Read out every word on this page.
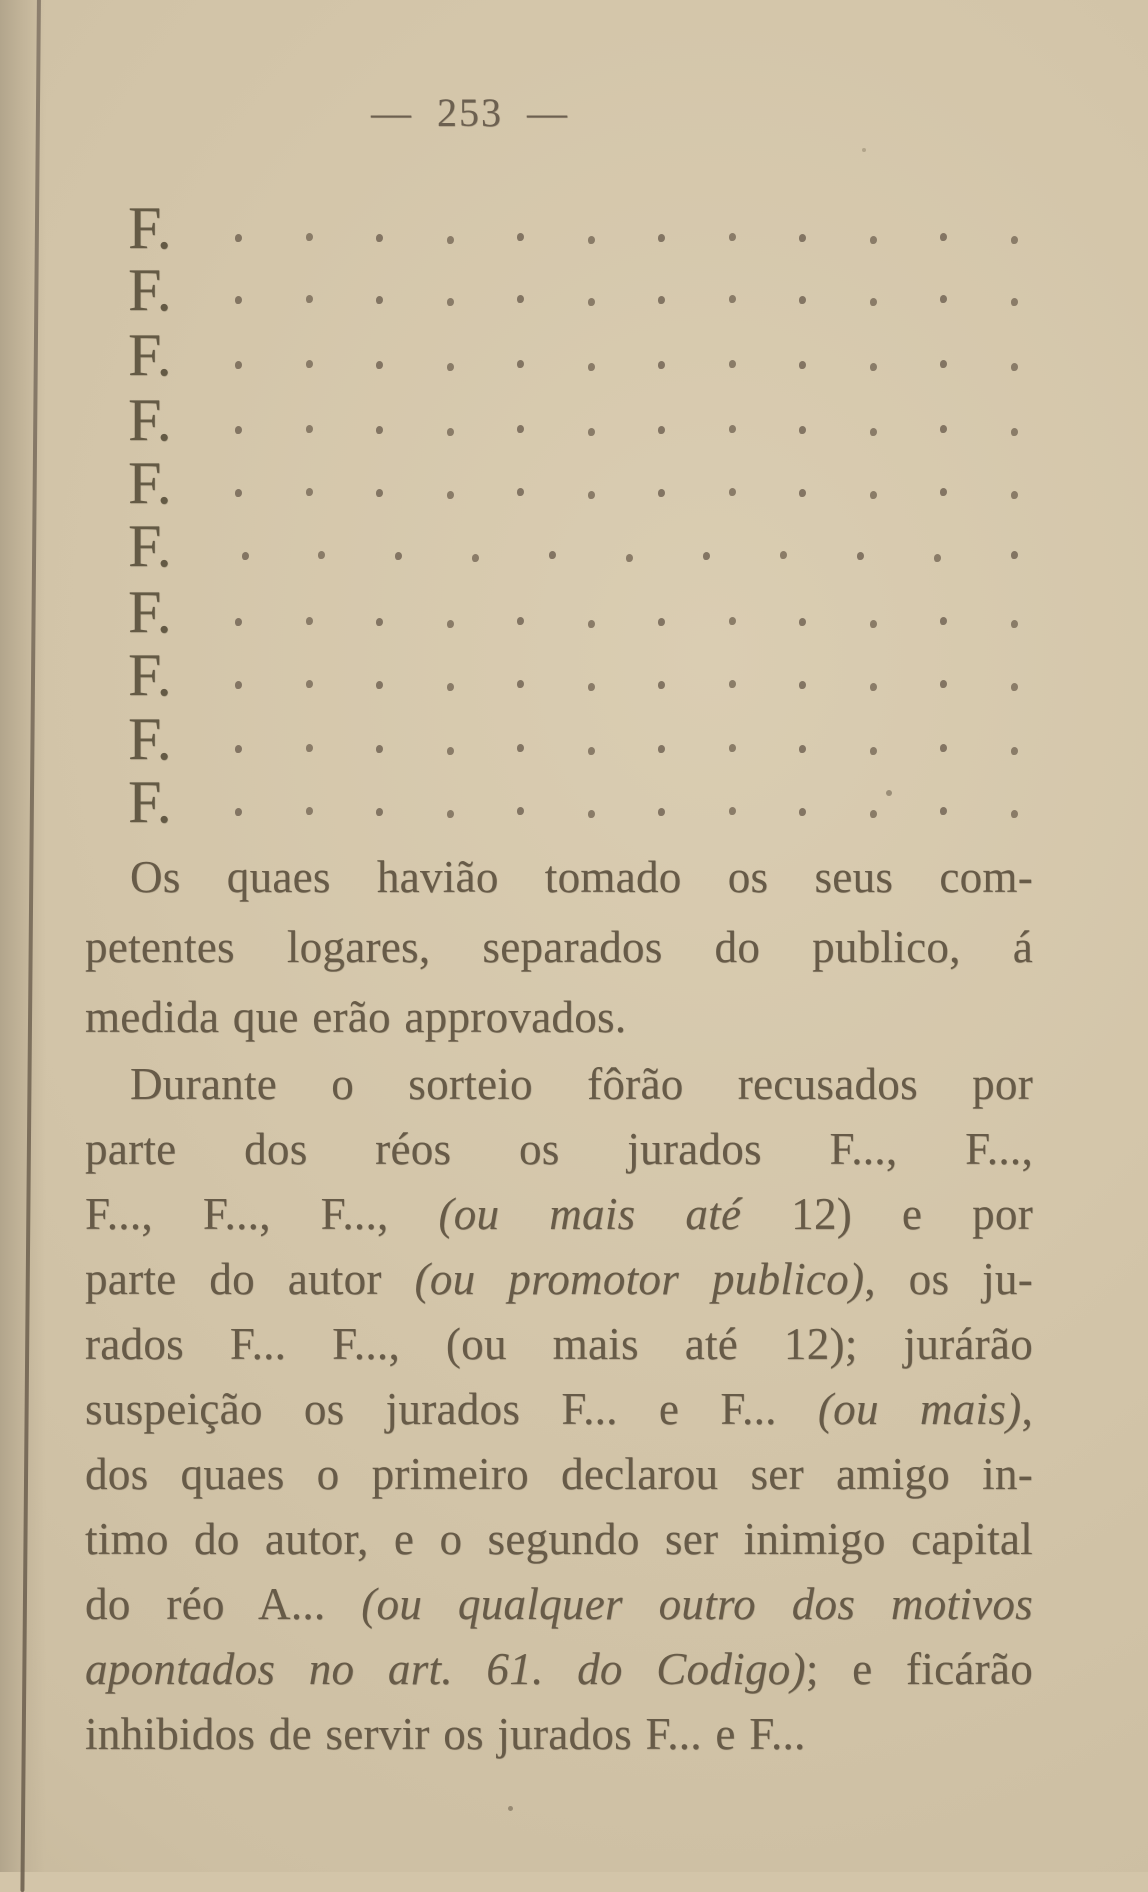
— 253 —
F.
F.
F.
F.
F.
F.
F.
F.
F.
F.
Os quaes havião tomado os seus com-
petentes logares, separados do publico, á
medida que erão approvados.
Durante o sorteio fôrão recusados por
parte dos réos os jurados F..., F...,
F..., F..., F..., (ou mais até 12) e por
parte do autor (ou promotor publico), os ju-
rados F... F..., (ou mais até 12); jurárão
suspeição os jurados F... e F... (ou mais),
dos quaes o primeiro declarou ser amigo in-
timo do autor, e o segundo ser inimigo capital
do réo A... (ou qualquer outro dos motivos
apontados no art. 61. do Codigo); e ficárão
inhibidos de servir os jurados F... e F...
